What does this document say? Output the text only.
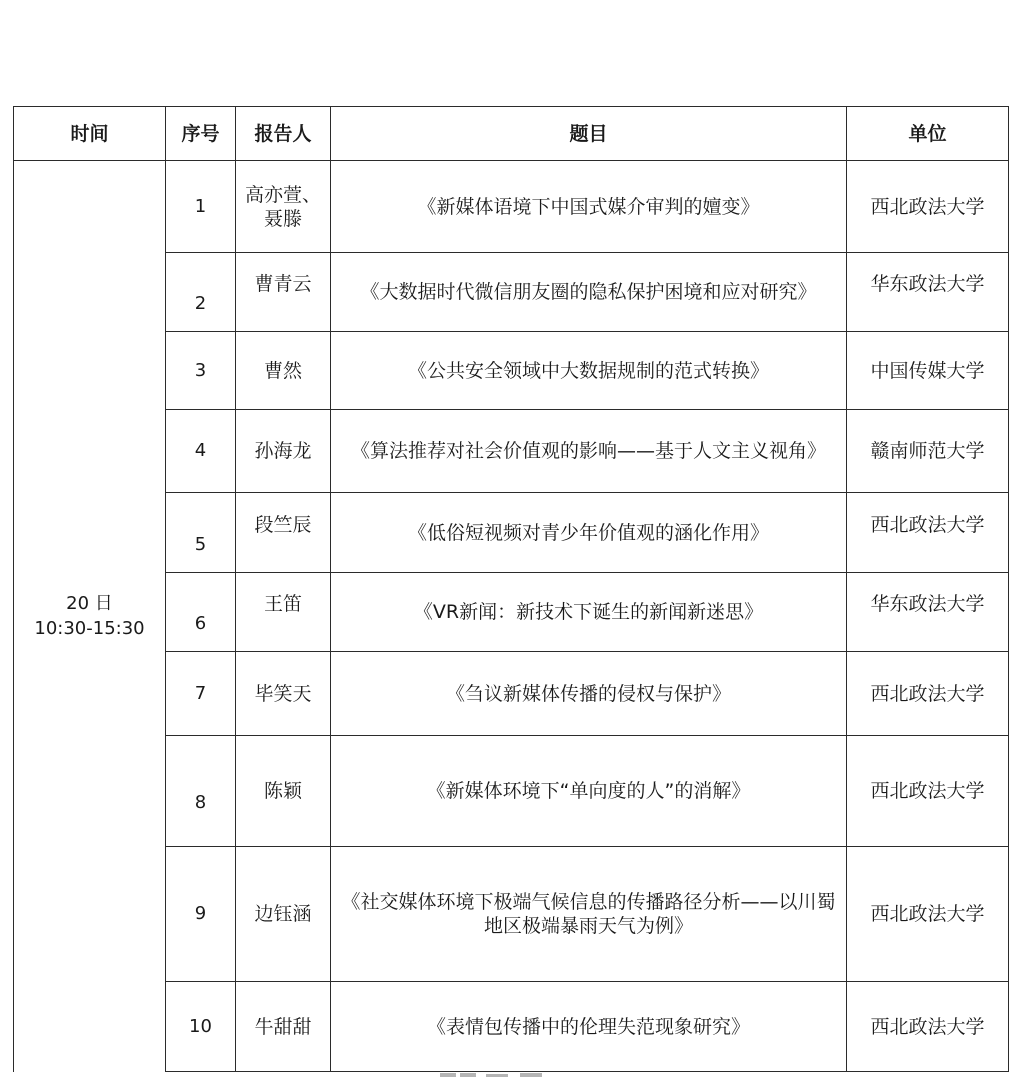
时间	序号	报告人	题目	单位

20 日
10:30-15:30	1	高亦萱、聂滕	《新媒体语境下中国式媒介审判的嬗变》	西北政法大学
	2	曹青云	《大数据时代微信朋友圈的隐私保护困境和应对研究》	华东政法大学
	3	曹然	《公共安全领域中大数据规制的范式转换》	中国传媒大学
	4	孙海龙	《算法推荐对社会价值观的影响——基于人文主义视角》	赣南师范大学
	5	段竺辰	《低俗短视频对青少年价值观的涵化作用》	西北政法大学
	6	王笛	《VR新闻：新技术下诞生的新闻新迷思》	华东政法大学
	7	毕笑天	《刍议新媒体传播的侵权与保护》	西北政法大学
	8	陈颖	《新媒体环境下“单向度的人”的消解》	西北政法大学
	9	边钰涵	《社交媒体环境下极端气候信息的传播路径分析——以川蜀地区极端暴雨天气为例》	西北政法大学
	10	牛甜甜	《表情包传播中的伦理失范现象研究》	西北政法大学
